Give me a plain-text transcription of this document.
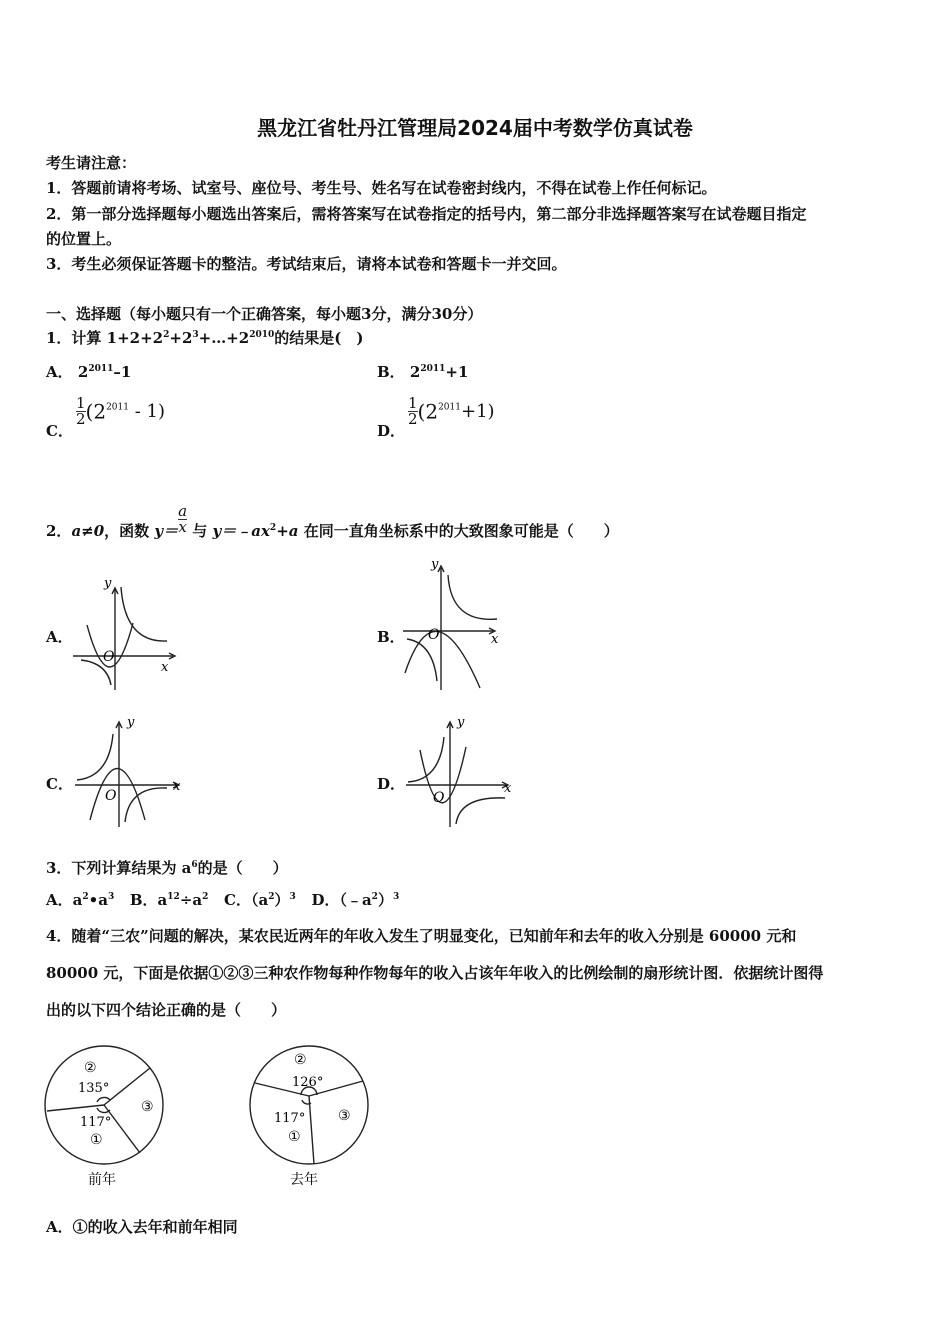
黑龙江省牡丹江管理局2024届中考数学仿真试卷
考生请注意：
1．答题前请将考场、试室号、座位号、考生号、姓名写在试卷密封线内，不得在试卷上作任何标记。
2．第一部分选择题每小题选出答案后，需将答案写在试卷指定的括号内，第二部分非选择题答案写在试卷题目指定
的位置上。
3．考生必须保证答题卡的整洁。考试结束后，请将本试卷和答题卡一并交回。
一、选择题（每小题只有一个正确答案，每小题3分，满分30分）
1．计算 $1+2+2^2+2^3+\dots+2^{2010}$的结果是(　)
A． $2^{2011}-1$	B． $2^{2011}+1$
C．
$\frac{1}{2} (2^{2011} - 1)$
D．
$\frac{1}{2} (2^{2011}+1)$
2．a≠0，函数 $y= \frac{a}{x}$ 与 $y=﹣ax^2+a$ 在同一直角坐标系中的大致图象可能是（　　）
A．	B．
C．	D．
y
x
O
y
x
O
y
x
O
y
x
O
3．下列计算结果为 $a^6$的是（　　）
A．$a^2•a^3$ B．$a^{12}\div a^2$ C．$(a^2)^3$ D．$(﹣a^2)^3$
4．随着“三农”问题的解决，某农民近两年的年收入发生了明显变化，已知前年和去年的收入分别是 60000 元和
80000 元，下面是依据①②③三种农作物每种作物每年的收入占该年年收入的比例绘制的扇形统计图．依据统计图得
出的以下四个结论正确的是（　　）
②
135°
117°
①
③
前年
②
126°
117°
①
③
去年
A．①的收入去年和前年相同
